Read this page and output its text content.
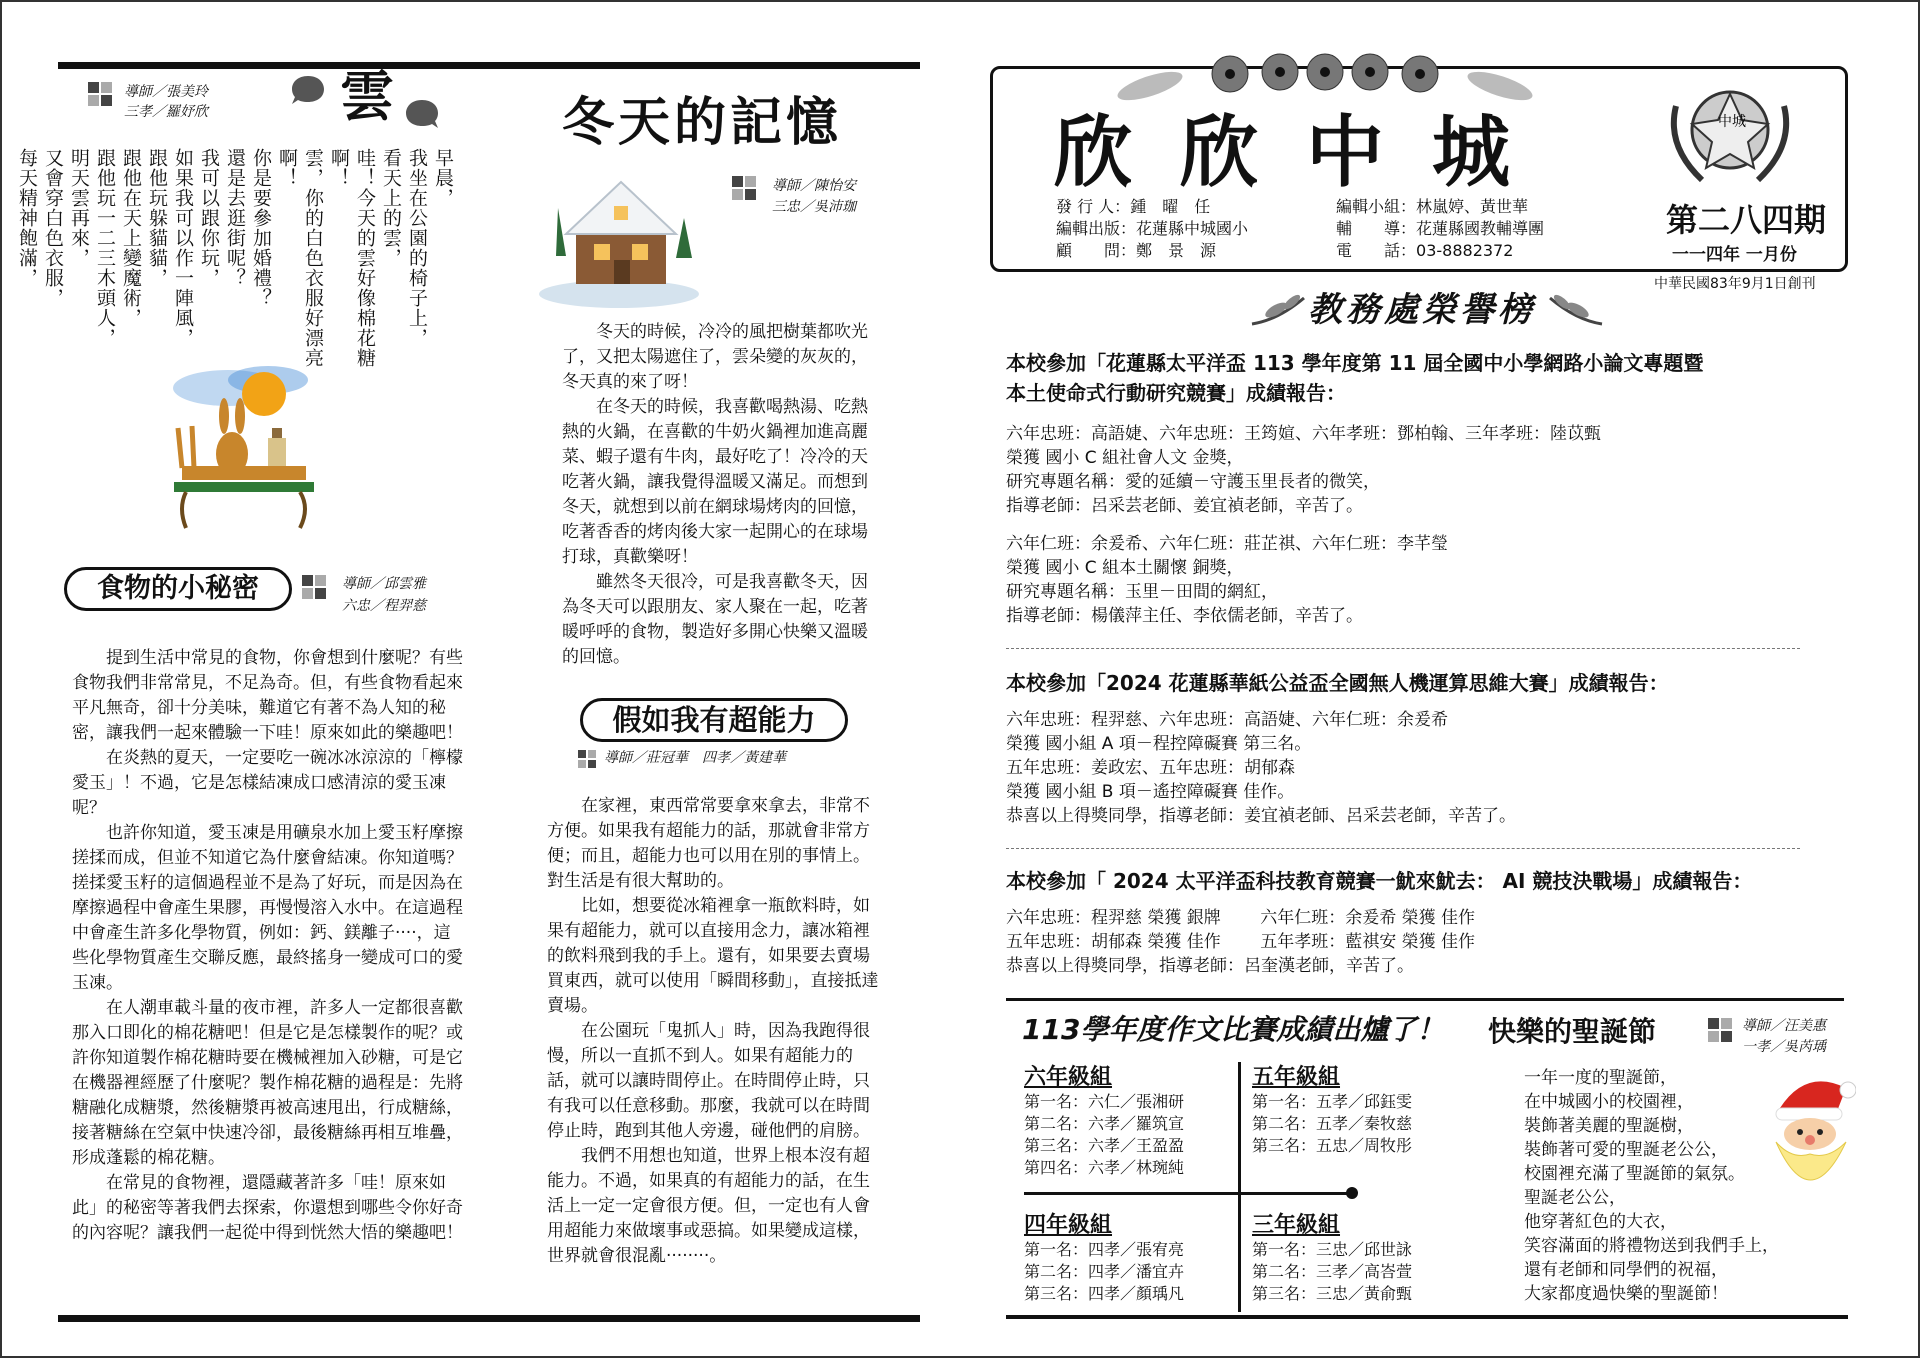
導師／張美玲
三孝／羅妤欣 雲
早晨，
我坐在公園的椅子上，
看天上的雲，
哇！今天的雲好像棉花糖啊！
雲，你的白色衣服好漂亮啊！
你是要參加婚禮？
還是去逛街呢？
我可以跟你玩，
如果我可以作一陣風，
跟他玩躲貓貓，
跟他在天上變魔術，
跟他玩一二三木頭人，
明天雲再來，
又會穿白色衣服，
每天精神飽滿，
食物的小秘密	導師／邱雲雅
六忠／程羿慈

提到生活中常見的食物，你會想到什麼呢？有些食物我們非常常見，不足為奇。但，有些食物看起來平凡無奇，卻十分美味，難道它有著不為人知的秘密，讓我們一起來體驗一下哇！原來如此的樂趣吧！

在炎熱的夏天，一定要吃一碗冰冰涼涼的「檸檬愛玉」！不過，它是怎樣結凍成口感清涼的愛玉凍呢？

也許你知道，愛玉凍是用礦泉水加上愛玉籽摩擦搓揉而成，但並不知道它為什麼會結凍。你知道嗎？搓揉愛玉籽的這個過程並不是為了好玩，而是因為在摩擦過程中會產生果膠，再慢慢溶入水中。在這過程中會產生許多化學物質，例如：鈣、鎂離子‧‧‧‧，這些化學物質產生交聯反應，最終搖身一變成可口的愛玉凍。

在人潮車載斗量的夜市裡，許多人一定都很喜歡那入口即化的棉花糖吧！但是它是怎樣製作的呢？或許你知道製作棉花糖時要在機械裡加入砂糖，可是它在機器裡經歷了什麼呢？製作棉花糖的過程是：先將糖融化成糖漿，然後糖漿再被高速甩出，行成糖絲，接著糖絲在空氣中快速冷卻，最後糖絲再相互堆疊，形成蓬鬆的棉花糖。

在常見的食物裡，還隱藏著許多「哇！原來如此」的秘密等著我們去探索，你還想到哪些令你好奇的內容呢？讓我們一起從中得到恍然大悟的樂趣吧！

冬天的記憶
導師／陳怡安
三忠／吳沛珈

冬天的時候，冷冷的風把樹葉都吹光了，又把太陽遮住了，雲朵變的灰灰的，冬天真的來了呀！

在冬天的時候，我喜歡喝熱湯、吃熱熱的火鍋，在喜歡的牛奶火鍋裡加進高麗菜、蝦子還有牛肉，最好吃了！冷冷的天吃著火鍋，讓我覺得溫暖又滿足。而想到冬天，就想到以前在網球場烤肉的回憶，吃著香香的烤肉後大家一起開心的在球場打球，真歡樂呀！

雖然冬天很冷，可是我喜歡冬天，因為冬天可以跟朋友、家人聚在一起，吃著暖呼呼的食物，製造好多開心快樂又溫暖的回憶。

假如我有超能力
導師／莊冠華　四孝／黃建華

在家裡，東西常常要拿來拿去，非常不方便。如果我有超能力的話，那就會非常方便；而且，超能力也可以用在別的事情上。對生活是有很大幫助的。

比如，想要從冰箱裡拿一瓶飲料時，如果有超能力，就可以直接用念力，讓冰箱裡的飲料飛到我的手上。還有，如果要去賣場買東西，就可以使用「瞬間移動」，直接抵達賣場。

在公園玩「鬼抓人」時，因為我跑得很慢，所以一直抓不到人。如果有超能力的話，就可以讓時間停止。在時間停止時，只有我可以任意移動。那麼，我就可以在時間停止時，跑到其他人旁邊，碰他們的肩膀。

我們不用想也知道，世界上根本沒有超能力。不過，如果真的有超能力的話，在生活上一定一定會很方便。但，一定也有人會用超能力來做壞事或惡搞。如果變成這樣，世界就會很混亂‧‧‧‧‧‧‧‧。

欣欣中城
發 行 人：鍾　曜　任
編輯出版：花蓮縣中城國小
顧　　問：鄭　景　源
編輯小組：林嵐婷、黃世華
輔　　導：花蓮縣國教輔導團
電　　話：03-8882372
中 城
第二八四期
一一四年 一月份
中華民國83年9月1日創刊
教務處榮譽榜

本校參加「花蓮縣太平洋盃 113 學年度第 11 屆全國中小學網路小論文專題暨

本土使命式行動研究競賽」成績報告：

六年忠班：高語婕、六年忠班：王筠媗、六年孝班：鄧柏翰、三年孝班：陸苡甄

榮獲 國小 C 組社會人文 金獎，

研究專題名稱：愛的延續－守護玉里長者的微笑，

指導老師：呂采芸老師、姜宜禎老師，辛苦了。

六年仁班：余爰希、六年仁班：莊芷祺、六年仁班：李芊瑩

榮獲 國小 C 組本土關懷 銅獎，

研究專題名稱：玉里－田間的網紅，

指導老師：楊儀萍主任、李依儒老師，辛苦了。

本校參加「2024 花蓮縣華紙公益盃全國無人機運算思維大賽」成績報告：

六年忠班：程羿慈、六年忠班：高語婕、六年仁班：余爰希

榮獲 國小組 A 項－程控障礙賽 第三名。

五年忠班：姜政宏、五年忠班：胡郁森

榮獲 國小組 B 項－遙控障礙賽 佳作。

恭喜以上得獎同學，指導老師：姜宜禎老師、呂采芸老師，辛苦了。

本校參加「 2024 太平洋盃科技教育競賽一魷來魷去： AI 競技決戰場」成績報告：

六年忠班：程羿慈 榮獲 銀牌　　 六年仁班：余爰希 榮獲 佳作

五年忠班：胡郁森 榮獲 佳作　　 五年孝班：藍祺安 榮獲 佳作

恭喜以上得獎同學，指導老師：呂奎漢老師，辛苦了。

113學年度作文比賽成績出爐了！
六年級組
第一名：六仁／張湘研
第二名：六孝／羅筑宣
第三名：六孝／王盈盈
第四名：六孝／林琬純
五年級組
第一名：五孝／邱鈺雯
第二名：五孝／秦牧慈
第三名：五忠／周牧彤
四年級組
第一名：四孝／張宥亮
第二名：四孝／潘宜卉
第三名：四孝／顏瑀凡
三年級組
第一名：三忠／邱世詠
第二名：三孝／高峇萱
第三名：三忠／黃俞甄
快樂的聖誕節	導師／汪美惠
一孝／吳芮瑀
一年一度的聖誕節，
在中城國小的校園裡，
裝飾著美麗的聖誕樹，
裝飾著可愛的聖誕老公公，
校園裡充滿了聖誕節的氣氛。
聖誕老公公，
他穿著紅色的大衣，
笑容滿面的將禮物送到我們手上，
還有老師和同學們的祝福，
大家都度過快樂的聖誕節！
